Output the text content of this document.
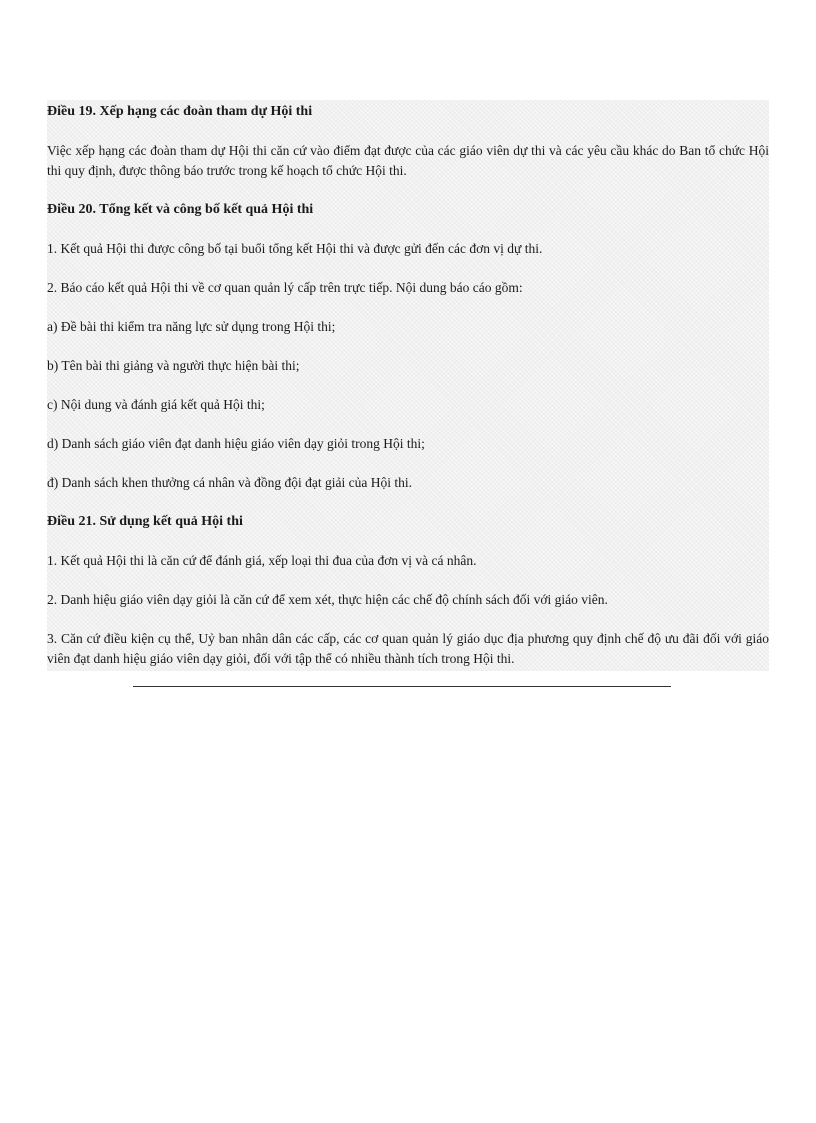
Điều 19. Xếp hạng các đoàn tham dự Hội thi

Việc xếp hạng các đoàn tham dự Hội thi căn cứ vào điểm đạt được của các giáo viên dự thi và các yêu cầu khác do Ban tổ chức Hội thi quy định, được thông báo trước trong kế hoạch tổ chức Hội thi.

Điều 20. Tổng kết và công bố kết quả Hội thi

1. Kết quả Hội thi được công bố tại buổi tổng kết Hội thi và được gửi đến các đơn vị dự thi.

2. Báo cáo kết quả Hội thi về cơ quan quản lý cấp trên trực tiếp. Nội dung báo cáo gồm:

a) Đề bài thi kiểm tra năng lực sử dụng trong Hội thi;

b) Tên bài thi giảng và người thực hiện bài thi;

c) Nội dung và đánh giá kết quả Hội thi;

d) Danh sách giáo viên đạt danh hiệu giáo viên dạy giỏi trong Hội thi;

đ) Danh sách khen thưởng cá nhân và đồng đội đạt giải của Hội thi.

Điều 21. Sử dụng kết quả Hội thi

1. Kết quả Hội thi là căn cứ để đánh giá, xếp loại thi đua của đơn vị và cá nhân.

2. Danh hiệu giáo viên dạy giỏi là căn cứ để xem xét, thực hiện các chế độ chính sách đối với giáo viên.

3. Căn cứ điều kiện cụ thể, Uỷ ban nhân dân các cấp, các cơ quan quản lý giáo dục địa phương quy định chế độ ưu đãi đối với giáo viên đạt danh hiệu giáo viên dạy giỏi, đối với tập thể có nhiều thành tích trong Hội thi.
